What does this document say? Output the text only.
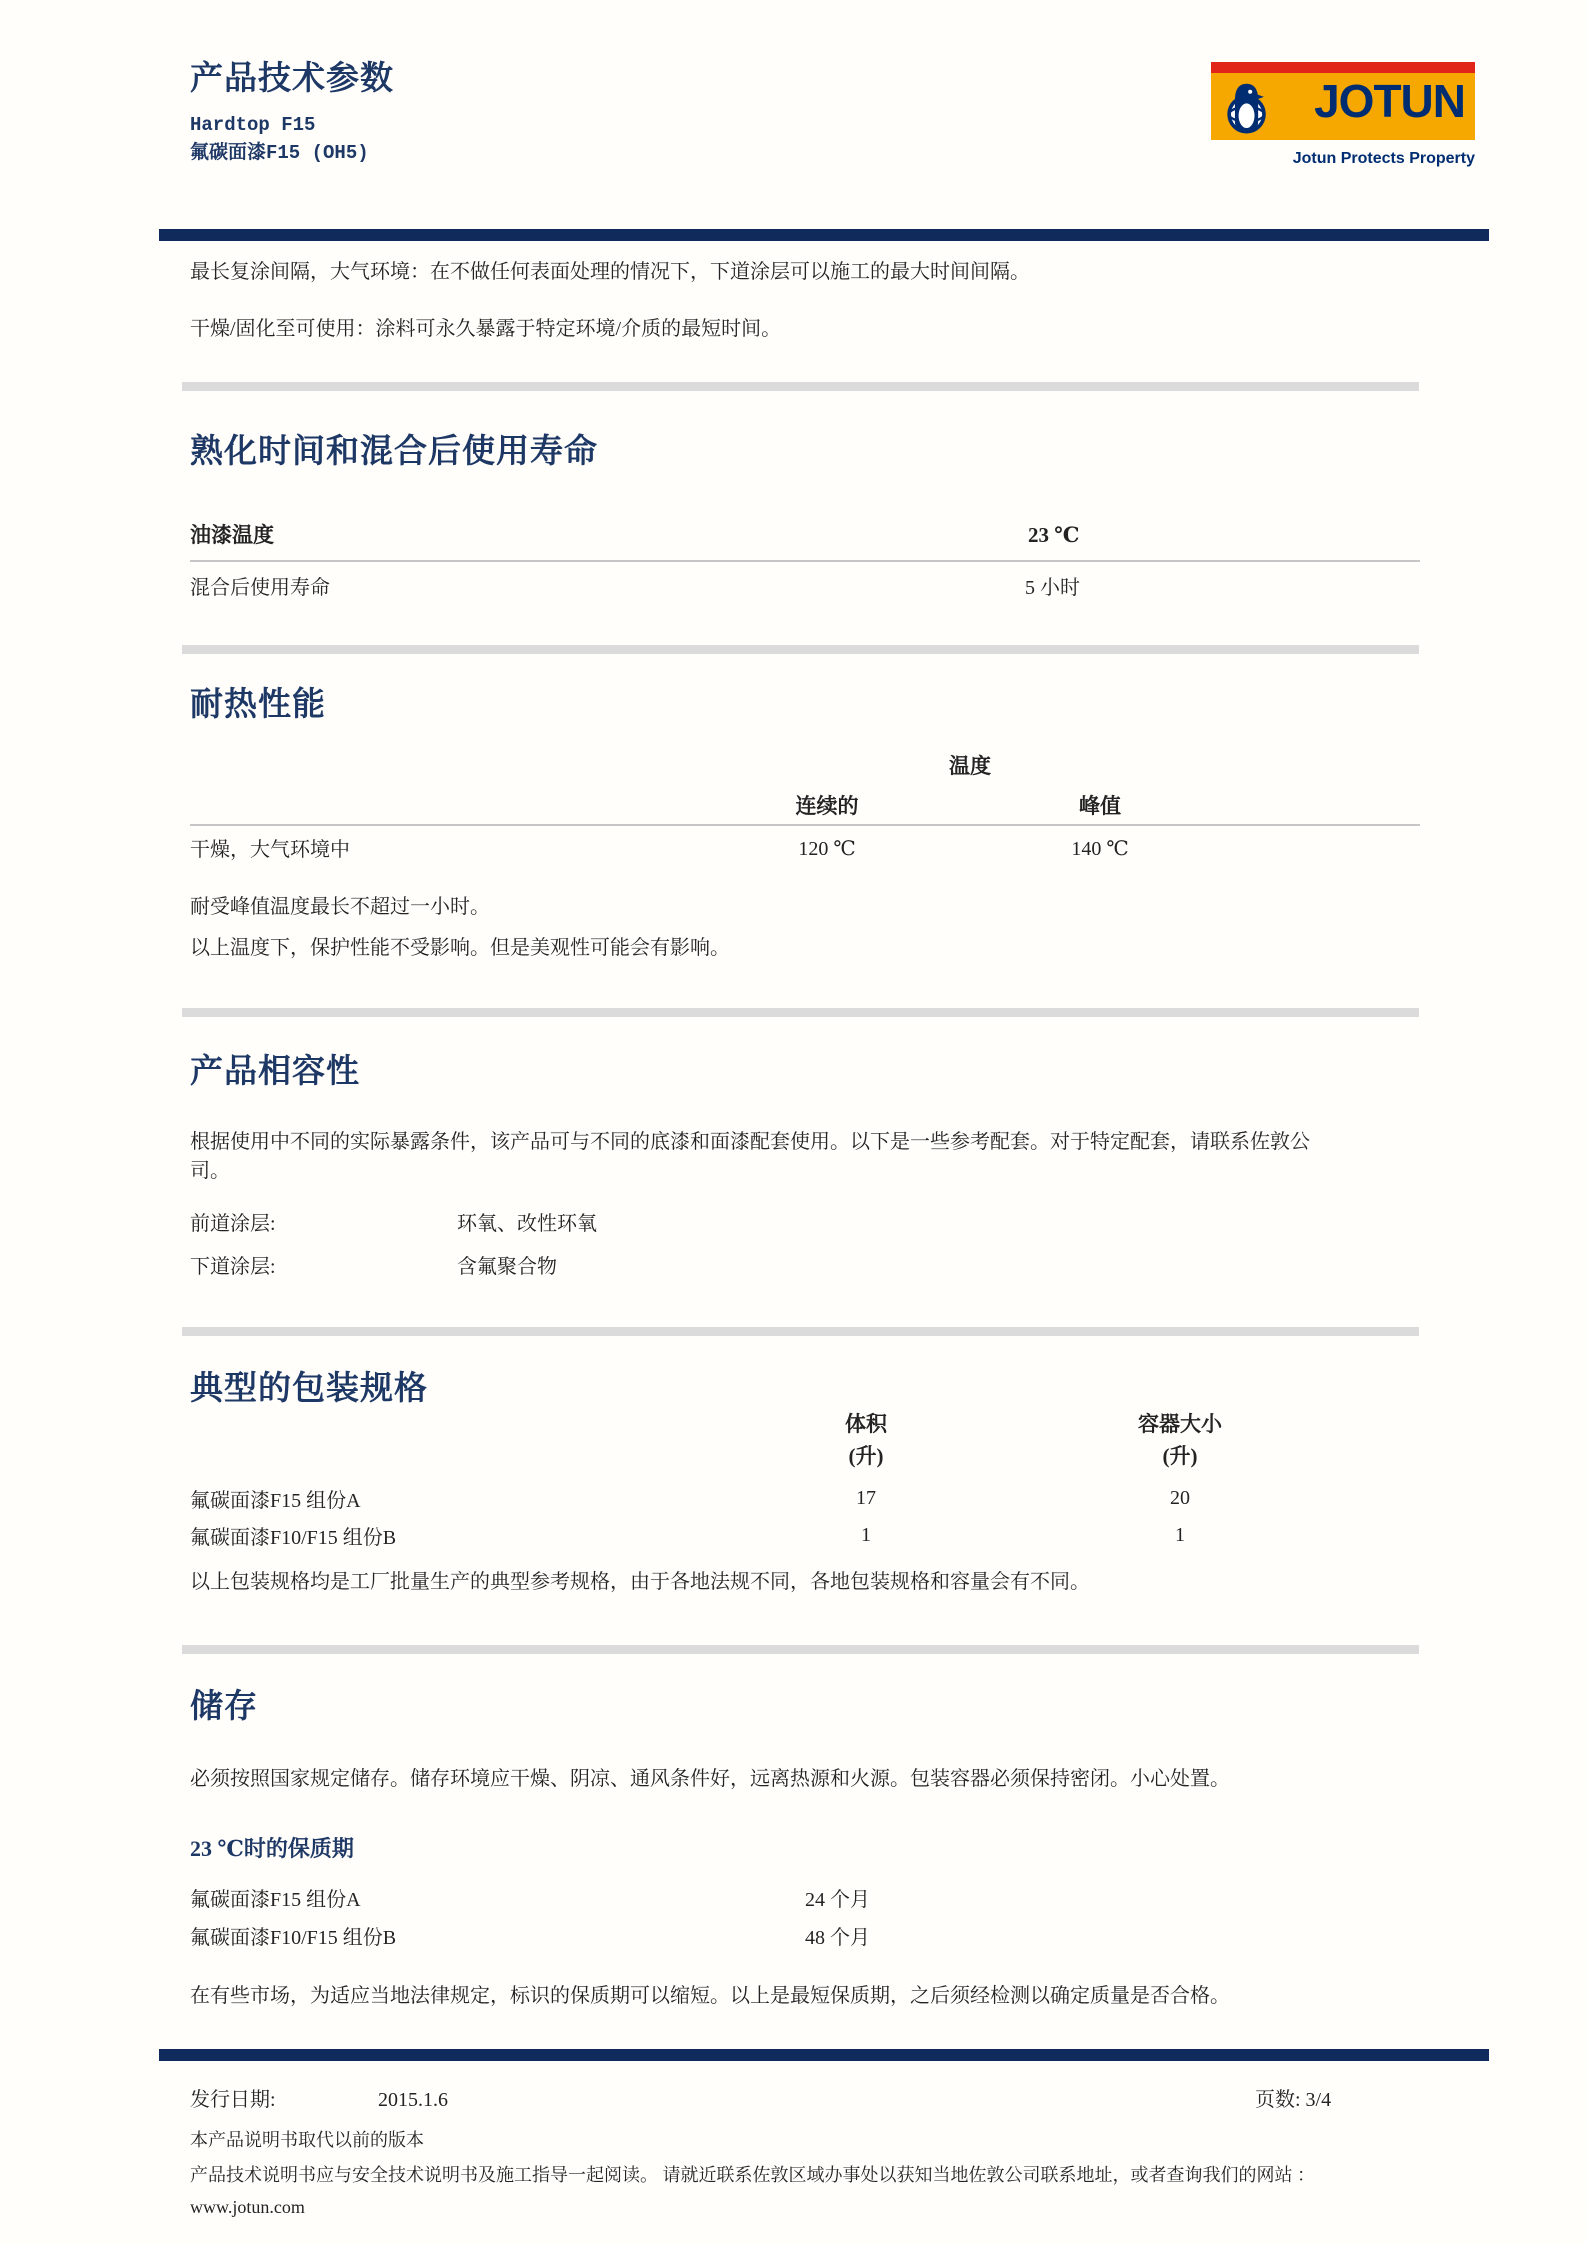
产品技术参数
Hardtop F15
氟碳面漆F15 (OH5)
JOTUN
Jotun Protects Property
最长复涂间隔，大气环境：在不做任何表面处理的情况下，下道涂层可以施工的最大时间间隔。
干燥/固化至可使用：涂料可永久暴露于特定环境/介质的最短时间。
熟化时间和混合后使用寿命
油漆温度	23 ℃
混合后使用寿命	5 小时
耐热性能
温度
连续的	峰值
干燥，大气环境中	120 ℃	140 ℃
耐受峰值温度最长不超过一小时。
以上温度下，保护性能不受影响。但是美观性可能会有影响。
产品相容性
根据使用中不同的实际暴露条件，该产品可与不同的底漆和面漆配套使用。以下是一些参考配套。对于特定配套，请联系佐敦公司。
前道涂层:	环氧、改性环氧
下道涂层:	含氟聚合物
典型的包装规格
体积
(升)
容器大小
(升)
氟碳面漆F15 组份A	17	20
氟碳面漆F10/F15 组份B	1	1
以上包装规格均是工厂批量生产的典型参考规格，由于各地法规不同，各地包装规格和容量会有不同。
储存
必须按照国家规定储存。储存环境应干燥、阴凉、通风条件好，远离热源和火源。包装容器必须保持密闭。小心处置。
23 ℃时的保质期
氟碳面漆F15 组份A	24 个月
氟碳面漆F10/F15 组份B	48 个月
在有些市场，为适应当地法律规定，标识的保质期可以缩短。以上是最短保质期，之后须经检测以确定质量是否合格。
发行日期:	2015.1.6	页数: 3/4
本产品说明书取代以前的版本
产品技术说明书应与安全技术说明书及施工指导一起阅读。 请就近联系佐敦区域办事处以获知当地佐敦公司联系地址，或者查询我们的网站 ：
www.jotun.com
